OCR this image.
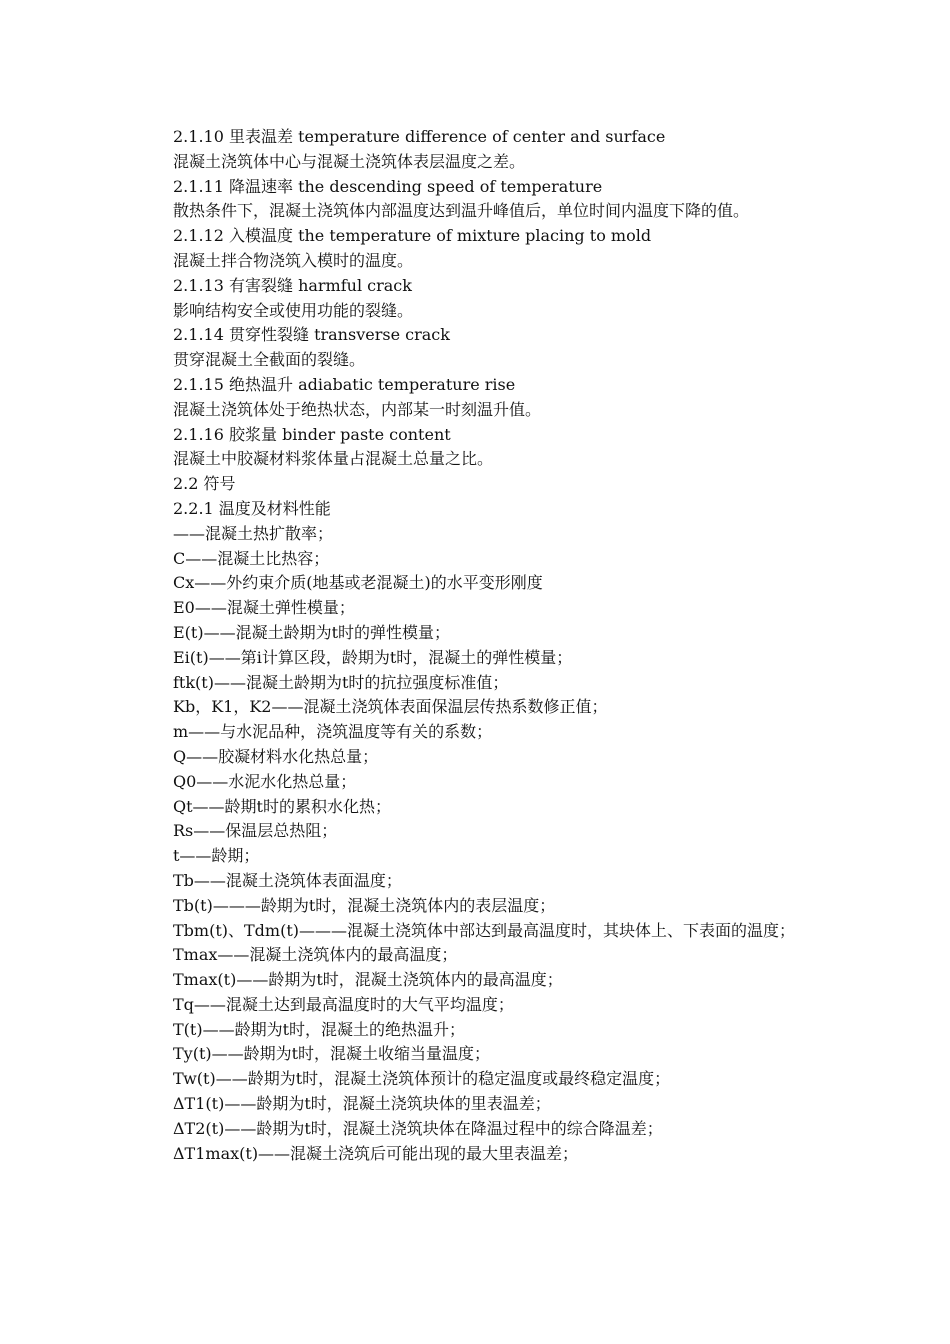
2.1.10 里表温差 temperature difference of center and surface

混凝土浇筑体中心与混凝土浇筑体表层温度之差。

2.1.11 降温速率 the descending speed of temperature

散热条件下，混凝土浇筑体内部温度达到温升峰值后，单位时间内温度下降的值。

2.1.12 入模温度 the temperature of mixture placing to mold

混凝土拌合物浇筑入模时的温度。

2.1.13 有害裂缝 harmful crack

影响结构安全或使用功能的裂缝。

2.1.14 贯穿性裂缝 transverse crack

贯穿混凝土全截面的裂缝。

2.1.15 绝热温升 adiabatic temperature rise

混凝土浇筑体处于绝热状态，内部某一时刻温升值。

2.1.16 胶浆量 binder paste content

混凝土中胶凝材料浆体量占混凝土总量之比。

2.2 符号

2.2.1 温度及材料性能

——混凝土热扩散率；

C——混凝土比热容；

Cx——外约束介质(地基或老混凝土)的水平变形刚度

E0——混凝土弹性模量；

E(t)——混凝土龄期为t时的弹性模量；

Ei(t)——第i计算区段，龄期为t时，混凝土的弹性模量；

ftk(t)——混凝土龄期为t时的抗拉强度标准值；

Kb，K1，K2——混凝土浇筑体表面保温层传热系数修正值；

m——与水泥品种，浇筑温度等有关的系数；

Q——胶凝材料水化热总量；

Q0——水泥水化热总量；

Qt——龄期t时的累积水化热；

Rs——保温层总热阻；

t——龄期；

Tb——混凝土浇筑体表面温度；

Tb(t)———龄期为t时，混凝土浇筑体内的表层温度；

Tbm(t)、Tdm(t)———混凝土浇筑体中部达到最高温度时，其块体上、下表面的温度；

Tmax——混凝土浇筑体内的最高温度；

Tmax(t)——龄期为t时，混凝土浇筑体内的最高温度；

Tq——混凝土达到最高温度时的大气平均温度；

T(t)——龄期为t时，混凝土的绝热温升；

Ty(t)——龄期为t时，混凝土收缩当量温度；

Tw(t)——龄期为t时，混凝土浇筑体预计的稳定温度或最终稳定温度；

ΔT1(t)——龄期为t时，混凝土浇筑块体的里表温差；

ΔT2(t)——龄期为t时，混凝土浇筑块体在降温过程中的综合降温差；

ΔT1max(t)——混凝土浇筑后可能出现的最大里表温差；
